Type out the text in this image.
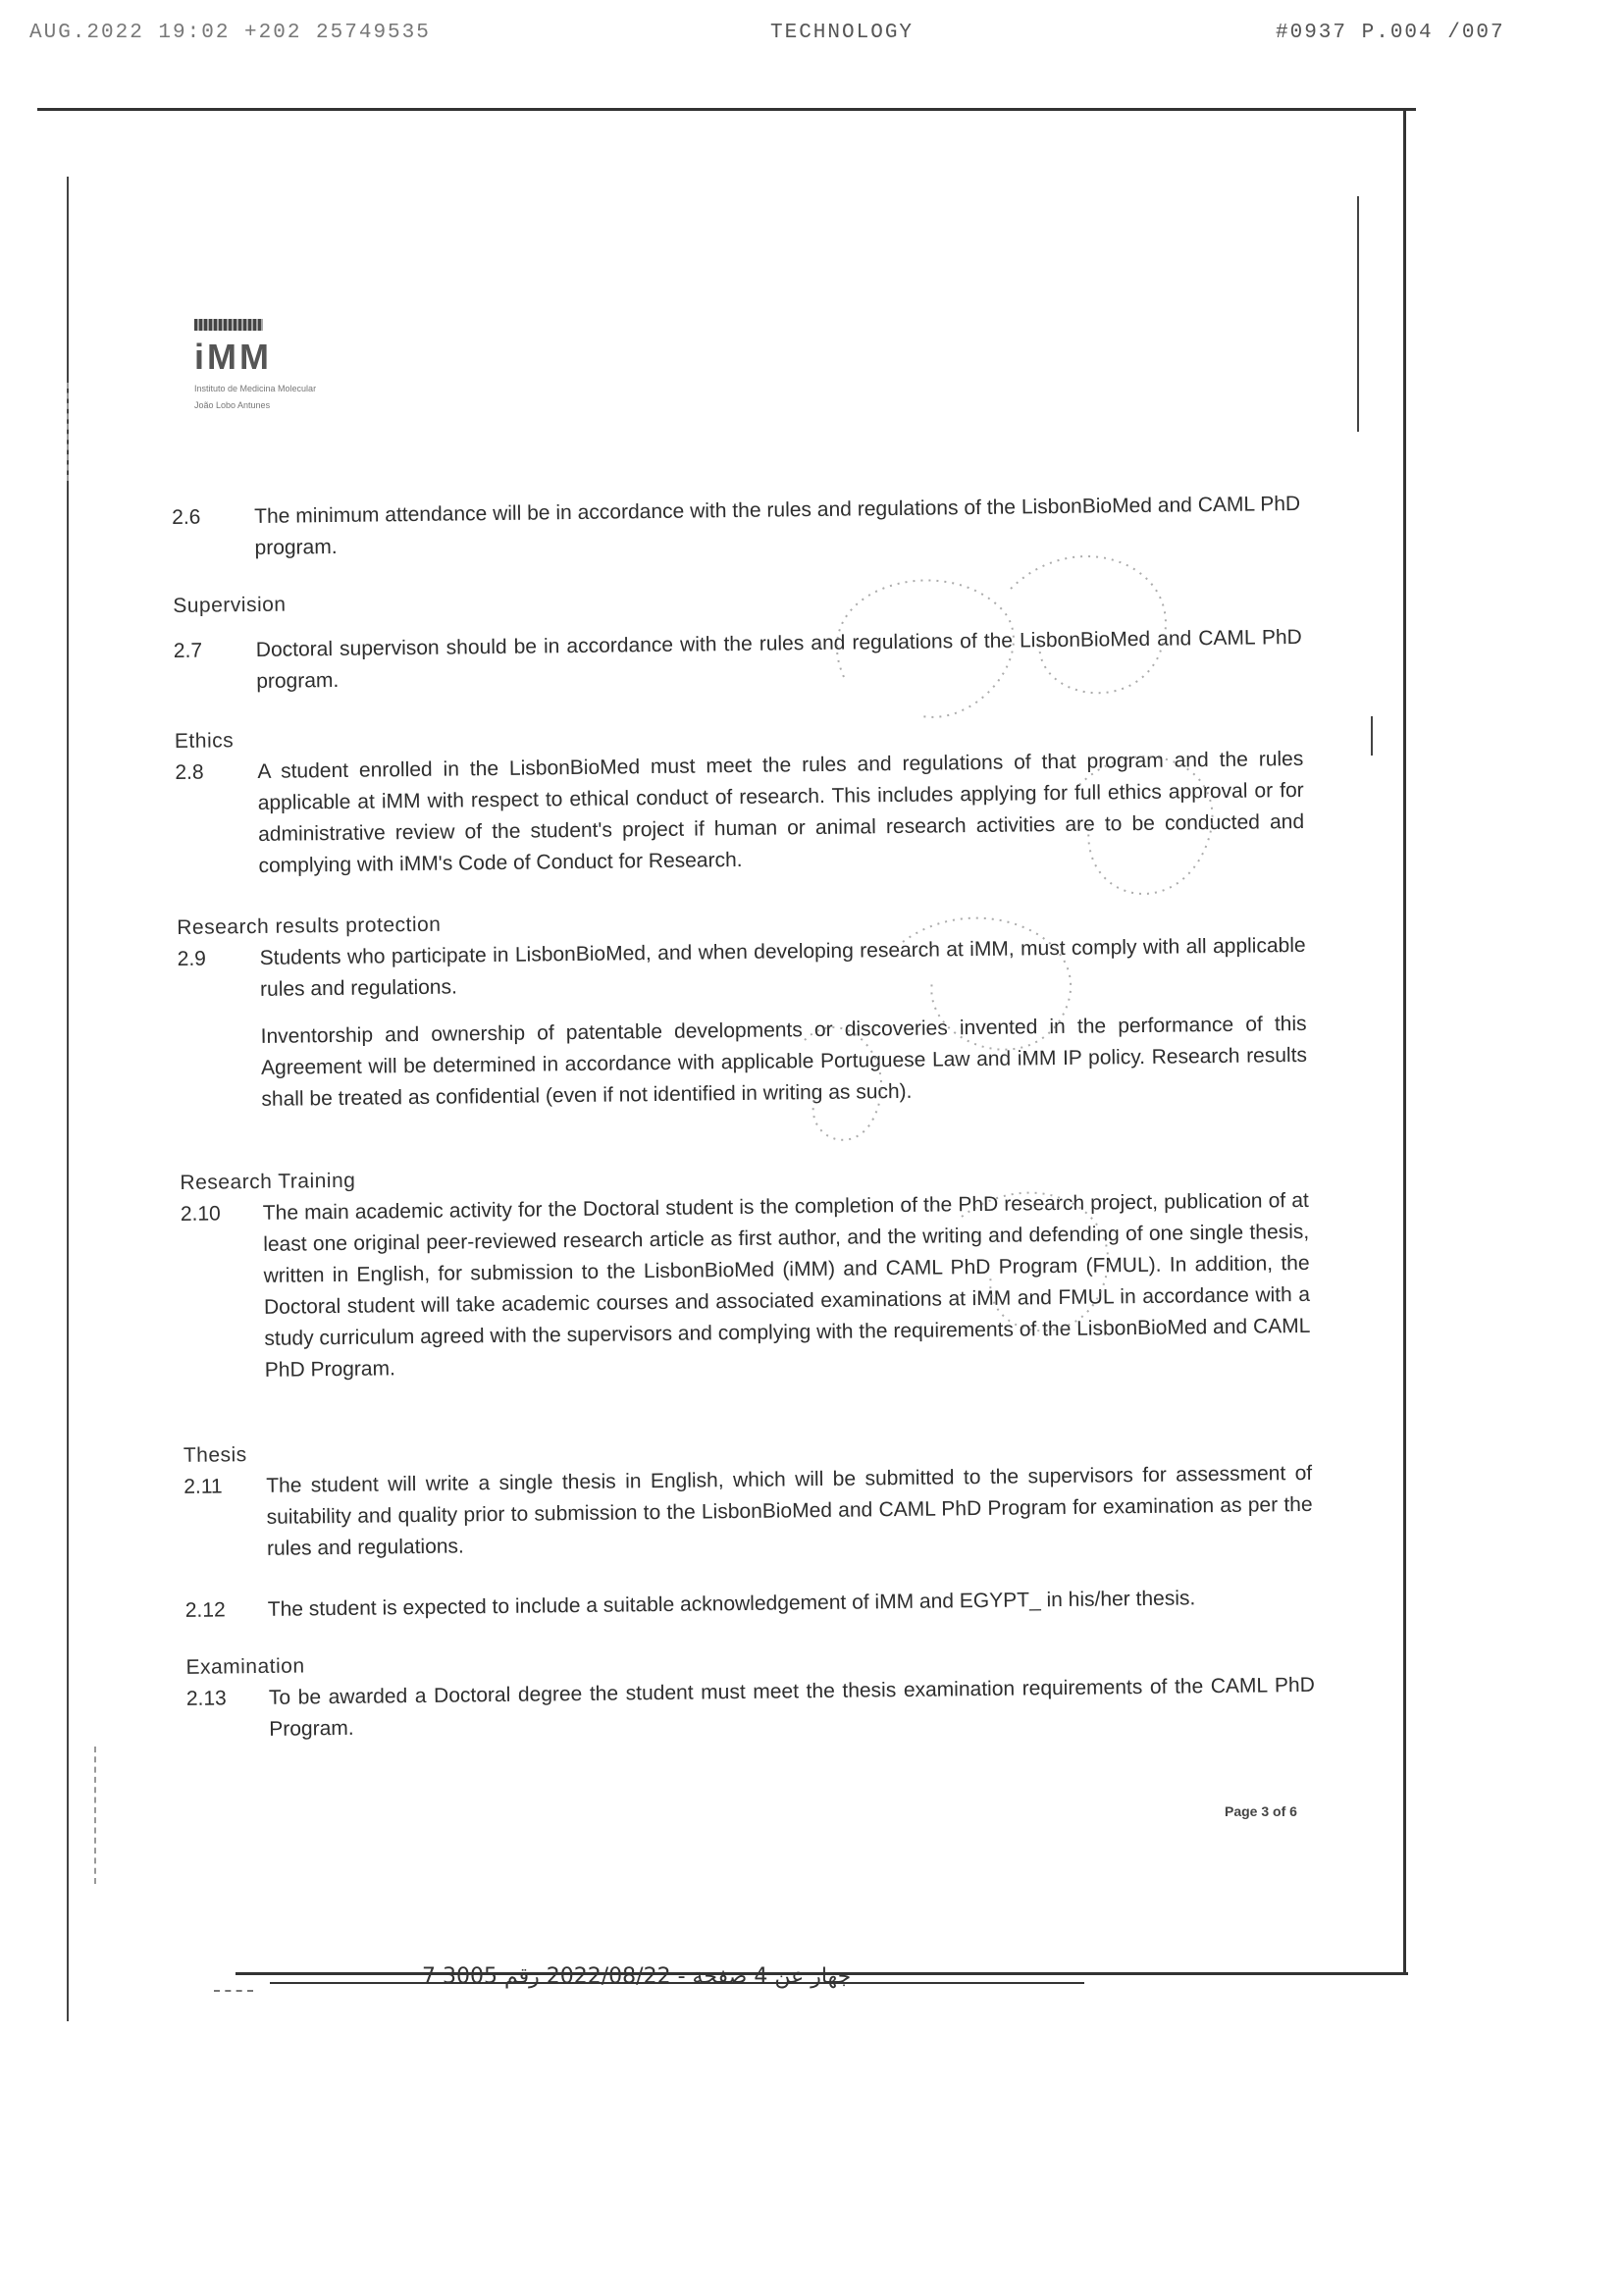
AUG.2022 19:02 +202 25749535	TECHNOLOGY	#0937 P.004 /007
iMM
Instituto de Medicina Molecular
João Lobo Antunes
2.6	The minimum attendance will be in accordance with the rules and regulations of the LisbonBioMed and CAML PhD program.

Supervision

2.7	Doctoral supervison should be in accordance with the rules and regulations of the LisbonBioMed and CAML PhD program.

Ethics

2.8	A student enrolled in the LisbonBioMed must meet the rules and regulations of that program and the rules applicable at iMM with respect to ethical conduct of research. This includes applying for full ethics approval or for administrative review of the student's project if human or animal research activities are to be conducted and complying with iMM's Code of Conduct for Research.

Research results protection

2.9	Students who participate in LisbonBioMed, and when developing research at iMM, must comply with all applicable rules and regulations.

Inventorship and ownership of patentable developments or discoveries invented in the performance of this Agreement will be determined in accordance with applicable Portuguese Law and iMM IP policy. Research results shall be treated as confidential (even if not identified in writing as such).

Research Training

2.10	The main academic activity for the Doctoral student is the completion of the PhD research project, publication of at least one original peer-reviewed research article as first author, and the writing and defending of one single thesis, written in English, for submission to the LisbonBioMed (iMM) and CAML PhD Program (FMUL). In addition, the Doctoral student will take academic courses and associated examinations at iMM and FMUL in accordance with a study curriculum agreed with the supervisors and complying with the requirements of the LisbonBioMed and CAML PhD Program.

Thesis

2.11	The student will write a single thesis in English, which will be submitted to the supervisors for assessment of suitability and quality prior to submission to the LisbonBioMed and CAML PhD Program for examination as per the rules and regulations.
2.12	The student is expected to include a suitable acknowledgement of iMM and EGYPT_ in his/her thesis.

Examination

2.13	To be awarded a Doctoral degree the student must meet the thesis examination requirements of the CAML PhD Program.
Page 3 of 6
7 جهاز عن 4 صفحة - 2022/08/22 رقم 3005
